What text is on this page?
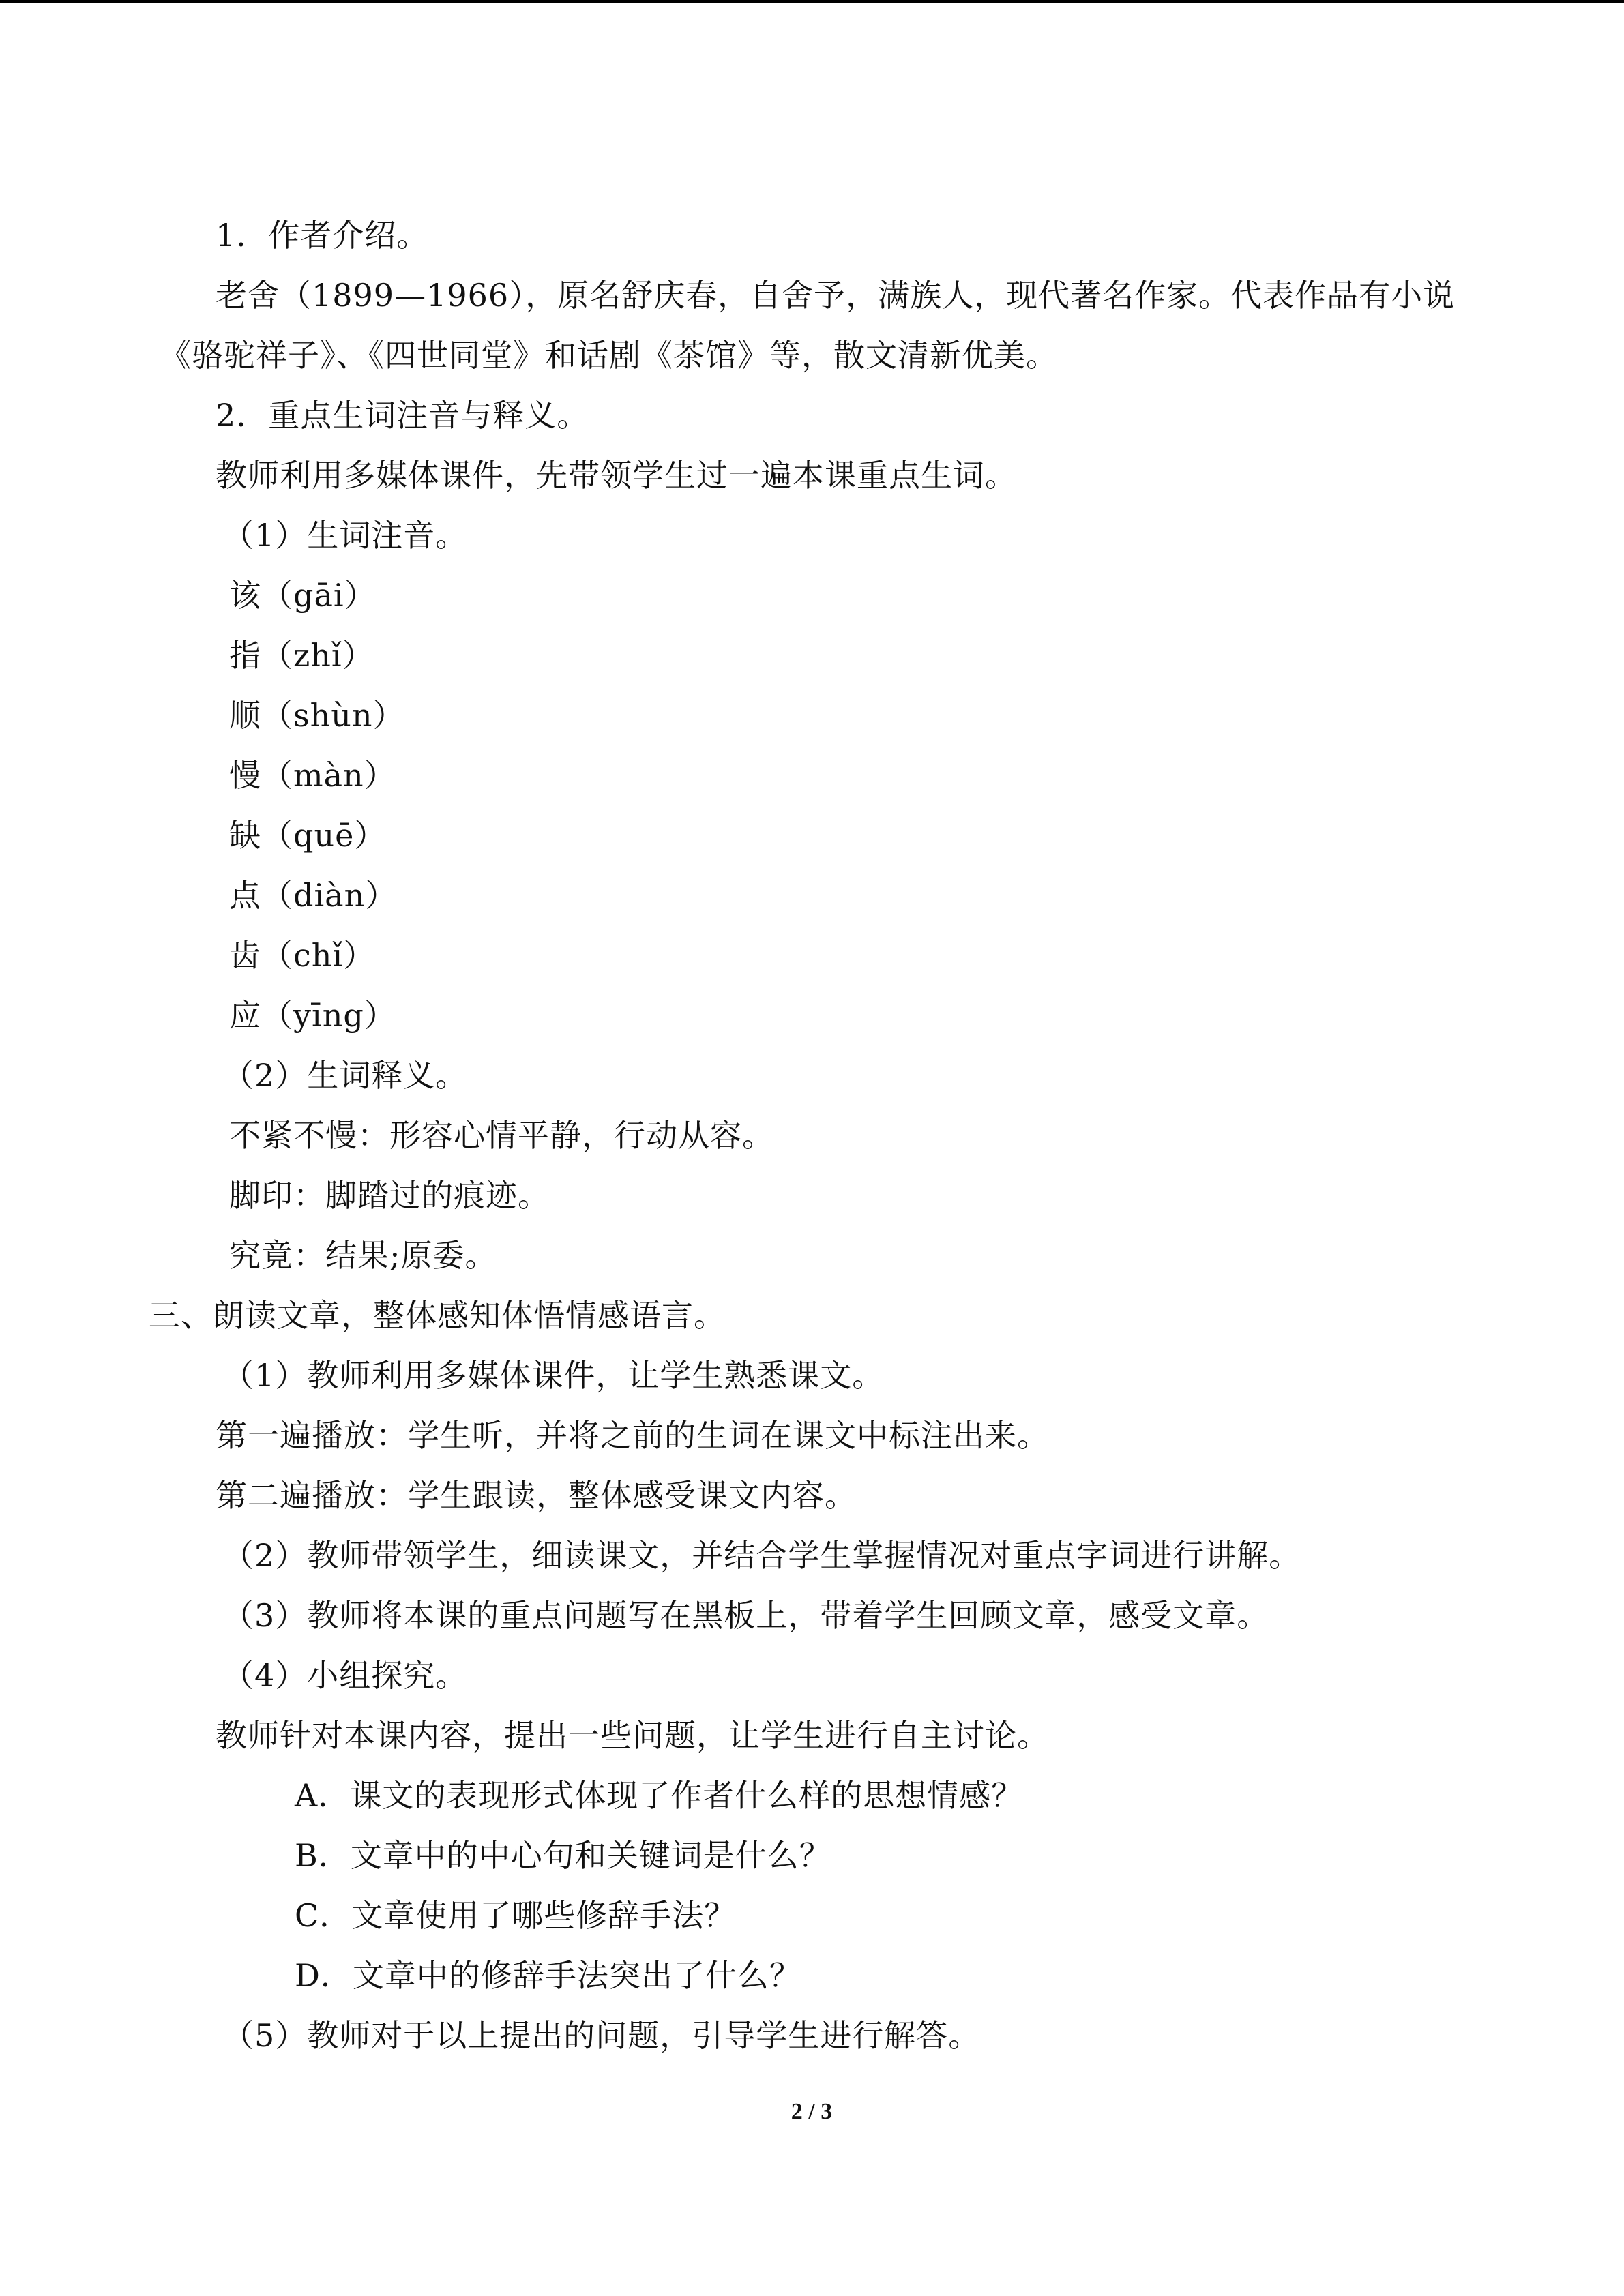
1．作者介绍。
老舍（1899—1966），原名舒庆春，自舍予，满族人，现代著名作家。代表作品有小说
《骆驼祥子》、《四世同堂》和话剧《茶馆》等，散文清新优美。
2．重点生词注音与释义。
教师利用多媒体课件，先带领学生过一遍本课重点生词。
（1）生词注音。
该（gāi）
指（zhǐ）
顺（shùn）
慢（màn）
缺（quē）
点（diàn）
齿（chǐ）
应（yīng）
（2）生词释义。
不紧不慢：形容心情平静，行动从容。
脚印：脚踏过的痕迹。
究竟：结果;原委。
三、朗读文章，整体感知体悟情感语言。
（1）教师利用多媒体课件，让学生熟悉课文。
第一遍播放：学生听，并将之前的生词在课文中标注出来。
第二遍播放：学生跟读，整体感受课文内容。
（2）教师带领学生，细读课文，并结合学生掌握情况对重点字词进行讲解。
（3）教师将本课的重点问题写在黑板上，带着学生回顾文章，感受文章。
（4）小组探究。
教师针对本课内容，提出一些问题，让学生进行自主讨论。
A．课文的表现形式体现了作者什么样的思想情感？
B．文章中的中心句和关键词是什么？
C．文章使用了哪些修辞手法？
D．文章中的修辞手法突出了什么？
（5）教师对于以上提出的问题，引导学生进行解答。
2 / 3
